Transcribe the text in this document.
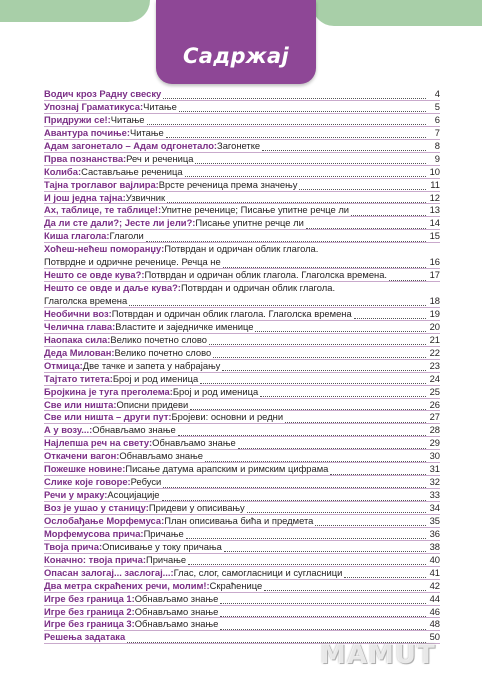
Садржај
Водич кроз Радну свеску	4
Упознај Граматикуса: Читање	5
Придружи се!: Читање	6
Авантура почиње: Читање	7
Адам загонетало – Адам одгонетало: Загонетке	8
Прва познанства: Реч и реченица	9
Колиба: Састављање реченица	10
Тајна троглавог вајлира: Врсте реченица према значењу	11
И још једна тајна: Узвичник	12
Ах, таблице, те таблице!: Упитне реченице; Писање упитне речце ли	13
Да ли сте дали?; Јесте ли јели?: Писање упитне речце ли	14
Киша глагола: Глаголи	15
Хоћеш-нећеш поморанџу: Потврдан и одричан облик глагола.
Потврдне и одричне реченице. Речца не	16
Нешто се овде кува?: Потврдан и одричан облик глагола. Глаголска времена.	17
Нешто се овде и даље кува?: Потврдан и одричан облик глагола.
Глаголска времена	18
Необични воз: Потврдан и одричан облик глагола. Глаголска времена	19
Челична глава: Властите и заједничке именице	20
Наопака сила: Велико почетно слово	21
Деда Милован: Велико почетно слово	22
Отмица: Две тачке и запета у набрајању	23
Тајтато титета: Број и род именица	24
Бројкина је туга преголема: Број и род именица	25
Све или ништа: Описни придеви	26
Све или ништа – други пут: Бројеви: основни и редни	27
А у возу...: Обнављамо знање	28
Најлепша реч на свету: Обнављамо знање	29
Откачени вагон: Обнављамо знање	30
Пожешке новине: Писање датума арапским и римским цифрама	31
Слике које говоре: Ребуси	32
Речи у мраку: Асоцијације	33
Воз је ушао у станицу: Придеви у описивању	34
Ослобађање Морфемуса: План описивања бића и предмета	35
Морфемусова прича: Причање	36
Твоја прича: Описивање у току причања	38
Коначно: твоја прича: Причање	40
Опасан залогај... заслогај...: Глас, слог, самогласници и сугласници	41
Два метра скраћених речи, молим!: Скраћенице	42
Игре без граница 1: Обнављамо знање	44
Игре без граница 2: Обнављамо знање	46
Игре без граница 3: Обнављамо знање	48
Решења задатака	50
MAMUT
